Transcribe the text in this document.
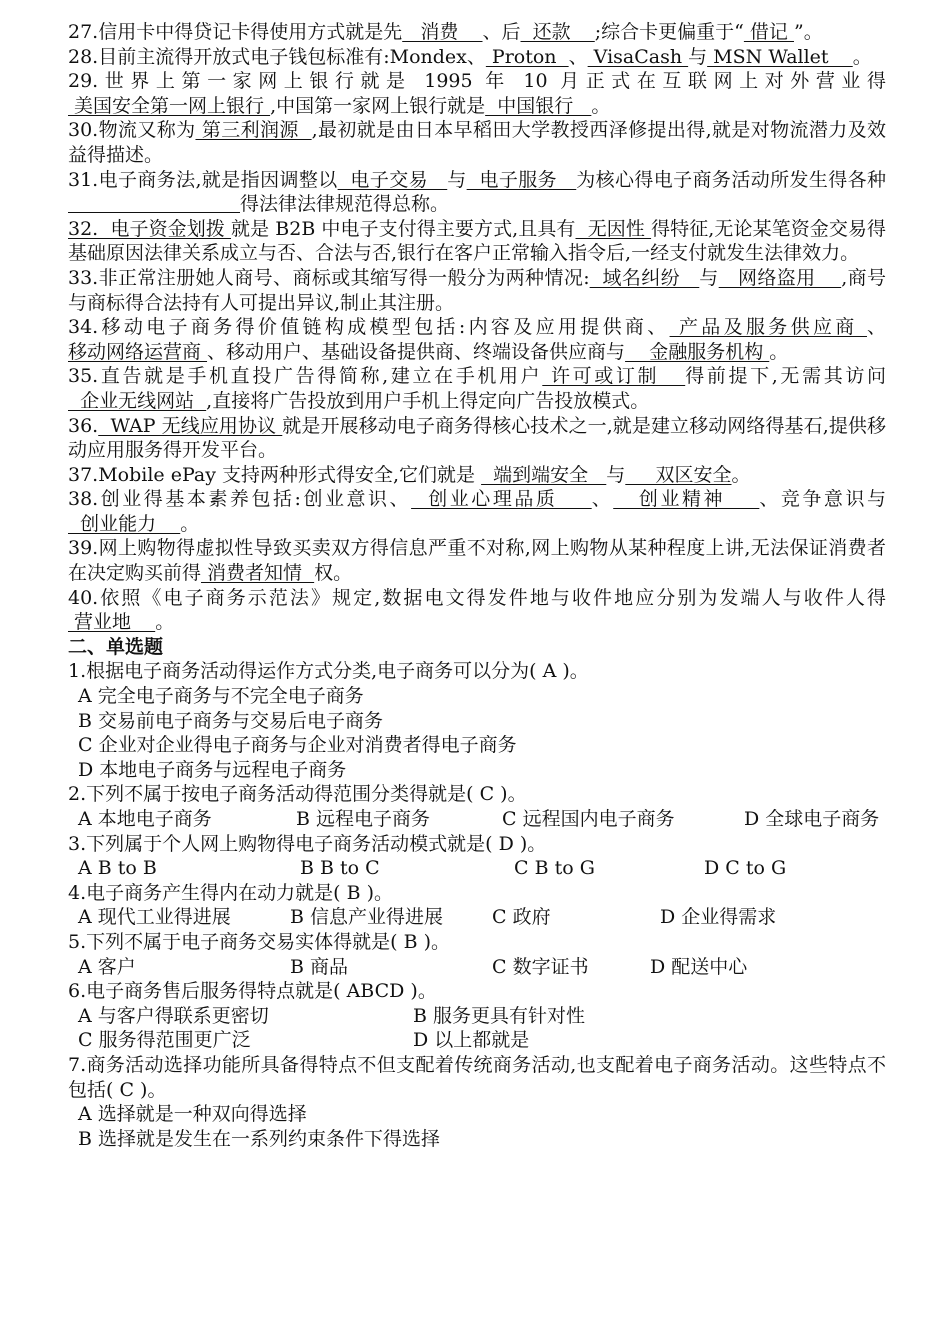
27.信用卡中得贷记卡得使用方式就是先   消费    、后  还款    ;综合卡更偏重于“ 借记 ”。

28.目前主流得开放式电子钱包标准有:Mondex、 Proton  、 VisaCash 与 MSN Wallet    。

29.世界上第一家网上银行就是 1995 年 10 月正式在互联网上对外营业得 美国安全第一网上银行 ,中国第一家网上银行就是  中国银行   。

30.物流又称为 第三利润源  ,最初就是由日本早稻田大学教授西泽修提出得,就是对物流潜力及效益得描述。

31.电子商务法,就是指因调整以  电子交易   与  电子服务   为核心得电子商务活动所发生得各种得法律法律规范得总称。

32.  电子资金划拨 就是 B2B 中电子支付得主要方式,且具有  无因性 得特征,无论某笔资金交易得基础原因法律关系成立与否、合法与否,银行在客户正常输入指令后,一经支付就发生法律效力。

33.非正常注册她人商号、商标或其缩写得一般分为两种情况:  域名纠纷   与   网络盗用    ,商号与商标得合法持有人可提出异议,制止其注册。

34.移动电子商务得价值链构成模型包括:内容及应用提供商、 产品及服务供应商 、移动网络运营商 、移动用户、基础设备提供商、终端设备供应商与    金融服务机构 。

35.直告就是手机直投广告得简称,建立在手机用户 许可或订制   得前提下,无需其访问  企业无线网站  ,直接将广告投放到用户手机上得定向广告投放模式。

36.  WAP 无线应用协议 就是开展移动电子商务得核心技术之一,就是建立移动网络得基石,提供移动应用服务得开发平台。

37.Mobile ePay 支持两种形式得安全,它们就是   端到端安全   与     双区安全。

38.创业得基本素养包括:创业意识、  创业心理品质    、   创业精神    、竞争意识与  创业能力    。

39.网上购物得虚拟性导致买卖双方得信息严重不对称,网上购物从某种程度上讲,无法保证消费者在决定购买前得 消费者知情  权。

40.依照《电子商务示范法》规定,数据电文得发件地与收件地应分别为发端人与收件人得 营业地    。

二、单选题

1.根据电子商务活动得运作方式分类,电子商务可以分为( A )。

A 完全电子商务与不完全电子商务

B 交易前电子商务与交易后电子商务

C 企业对企业得电子商务与企业对消费者得电子商务

D 本地电子商务与远程电子商务

2.下列不属于按电子商务活动得范围分类得就是( C )。

A 本地电子商务	B 远程电子商务	C 远程国内电子商务	D 全球电子商务

3.下列属于个人网上购物得电子商务活动模式就是( D )。

A B to B	B B to C	C B to G	D C to G

4.电子商务产生得内在动力就是( B )。

A 现代工业得进展	B 信息产业得进展	C 政府	D 企业得需求

5.下列不属于电子商务交易实体得就是( B )。

A 客户	B 商品	C 数字证书	D 配送中心

6.电子商务售后服务得特点就是( ABCD )。

A 与客户得联系更密切	B 服务更具有针对性
C 服务得范围更广泛	D 以上都就是

7.商务活动选择功能所具备得特点不但支配着传统商务活动,也支配着电子商务活动。这些特点不包括( C )。

A 选择就是一种双向得选择

B 选择就是发生在一系列约束条件下得选择
